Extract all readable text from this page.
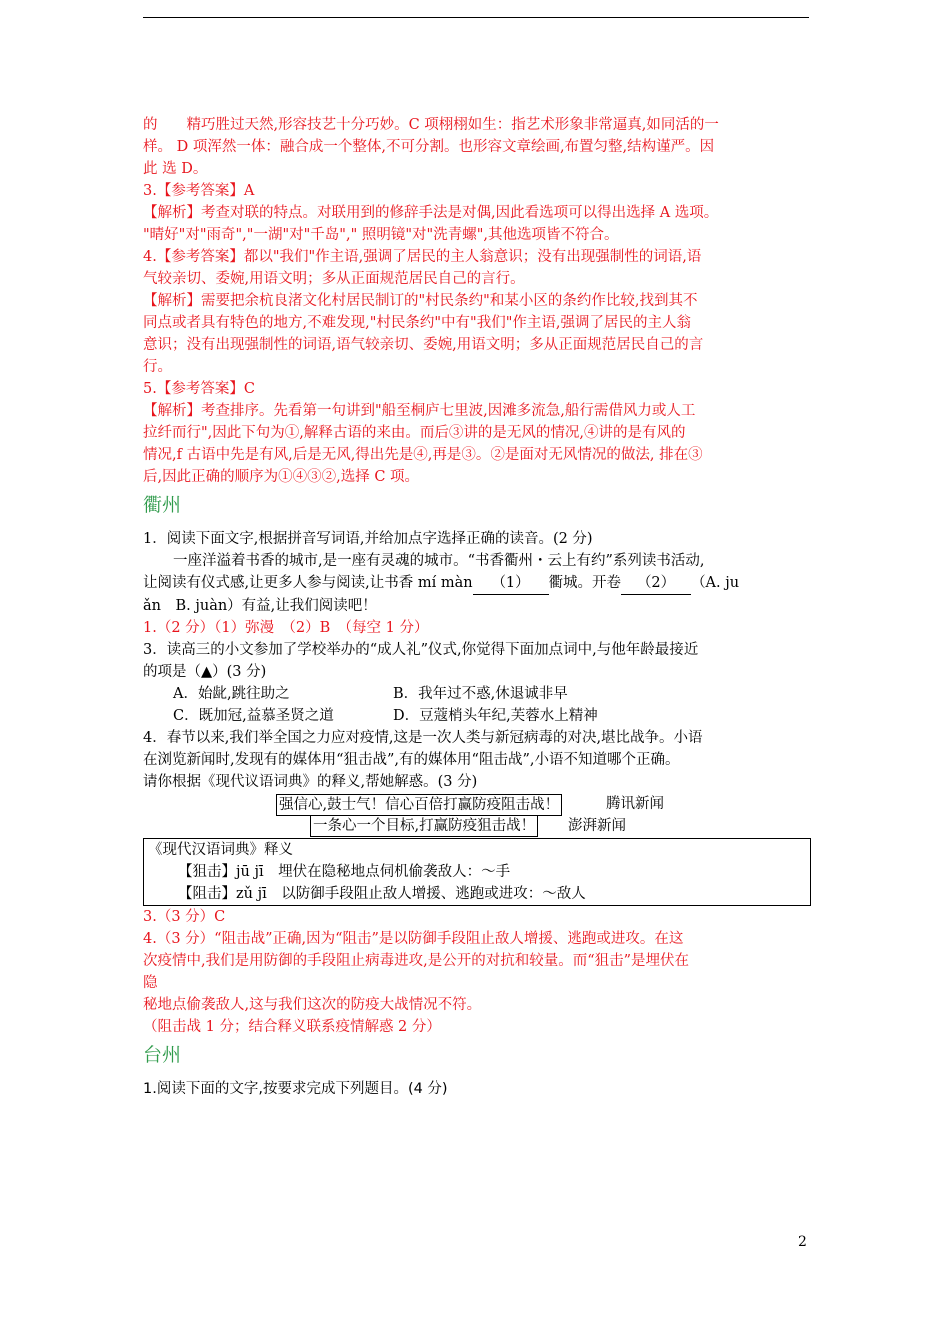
的　　精巧胜过天然,形容技艺十分巧妙。C 项栩栩如生：指艺术形象非常逼真,如同活的一

样。 D 项浑然一体：融合成一个整体,不可分割。也形容文章绘画,布置匀整,结构谨严。因

此 选 D。

3.【参考答案】A

【解析】考查对联的特点。对联用到的修辞手法是对偶,因此看选项可以得出选择 A 选项。

"晴好"对"雨奇","一湖"对"千岛"," 照明镜"对"洗青螺",其他选项皆不符合。

4.【参考答案】都以"我们"作主语,强调了居民的主人翁意识；没有出现强制性的词语,语

气较亲切、委婉,用语文明；多从正面规范居民自己的言行。

【解析】需要把余杭良渚文化村居民制订的"村民条约"和某小区的条约作比较,找到其不

同点或者具有特色的地方,不难发现,"村民条约"中有"我们"作主语,强调了居民的主人翁

意识；没有出现强制性的词语,语气较亲切、委婉,用语文明；多从正面规范居民自己的言

行。

5.【参考答案】C

【解析】考查排序。先看第一句讲到"船至桐庐七里波,因滩多流急,船行需借风力或人工

拉纤而行",因此下句为①,解释古语的来由。而后③讲的是无风的情况,④讲的是有风的

情况,f 古语中先是有风,后是无风,得出先是④,再是③。②是面对无风情况的做法, 排在③

后,因此正确的顺序为①④③②,选择 C 项。

衢州

1．阅读下面文字,根据拼音写词语,并给加点字选择正确的读音。(2 分)

一座洋溢着书香的城市,是一座有灵魂的城市。“书香衢州・云上有约”系列读书活动,

让阅读有仪式感,让更多人参与阅读,让书香 mí màn （1） 衢城。开卷 （2） （A. ju

ǎn　B. juàn）有益,让我们阅读吧！

1.（2 分）（1）弥漫　（2）B　（每空 1 分）

3．读高三的小文参加了学校举办的“成人礼”仪式,你觉得下面加点词中,与他年龄最接近

的项是（▲）(3 分)

A．始龀,跳往助之	B．我年过不惑,休退诚非早
C．既加冠,益慕圣贤之道	D．豆蔻梢头年纪,芙蓉水上精神

4．春节以来,我们举全国之力应对疫情,这是一次人类与新冠病毒的对决,堪比战争。小语

在浏览新闻时,发现有的媒体用“狙击战”,有的媒体用“阻击战”,小语不知道哪个正确。

请你根据《现代议语词典》的释义,帮她解惑。(3 分)

强信心,鼓士气！信心百倍打赢防疫阻击战！	腾讯新闻
一条心一个目标,打赢防疫狙击战！ 澎湃新闻

《现代汉语词典》释义

【狙击】jū jī　埋伏在隐秘地点伺机偷袭敌人：～手

【阻击】zǔ jī　以防御手段阻止敌人增援、逃跑或进攻：～敌人

3.（3 分）C

4.（3 分）“阻击战”正确,因为“阻击”是以防御手段阻止敌人增援、逃跑或进攻。在这

次疫情中,我们是用防御的手段阻止病毒进攻,是公开的对抗和较量。而“狙击”是埋伏在

隐

秘地点偷袭敌人,这与我们这次的防疫大战情况不符。

（阻击战 1 分；结合释义联系疫情解惑 2 分）

台州

1.阅读下面的文字,按要求完成下列题目。(4 分)

2
